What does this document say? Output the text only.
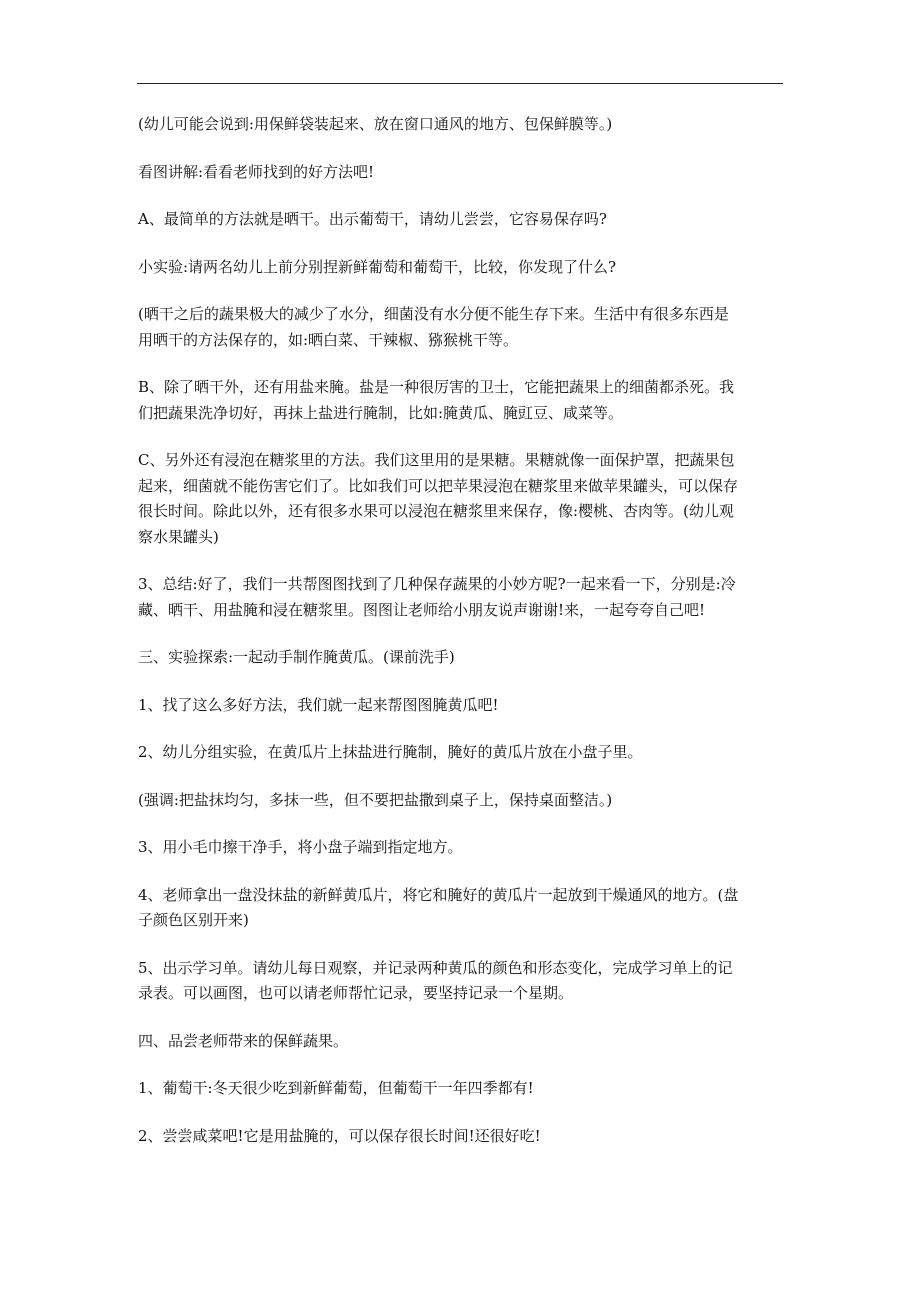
(幼儿可能会说到:用保鲜袋装起来、放在窗口通风的地方、包保鲜膜等。)

看图讲解:看看老师找到的好方法吧!

A、最简单的方法就是晒干。出示葡萄干，请幼儿尝尝，它容易保存吗?

小实验:请两名幼儿上前分别捏新鲜葡萄和葡萄干，比较，你发现了什么?

(晒干之后的蔬果极大的减少了水分，细菌没有水分便不能生存下来。生活中有很多东西是
用晒干的方法保存的，如:晒白菜、干辣椒、猕猴桃干等。

B、除了晒干外，还有用盐来腌。盐是一种很厉害的卫士，它能把蔬果上的细菌都杀死。我
们把蔬果洗净切好，再抹上盐进行腌制，比如:腌黄瓜、腌豇豆、咸菜等。

C、另外还有浸泡在糖浆里的方法。我们这里用的是果糖。果糖就像一面保护罩，把蔬果包
起来，细菌就不能伤害它们了。比如我们可以把苹果浸泡在糖浆里来做苹果罐头，可以保存
很长时间。除此以外，还有很多水果可以浸泡在糖浆里来保存，像:樱桃、杏肉等。(幼儿观
察水果罐头)

3、总结:好了，我们一共帮图图找到了几种保存蔬果的小妙方呢?一起来看一下，分别是:冷
藏、晒干、用盐腌和浸在糖浆里。图图让老师给小朋友说声谢谢!来，一起夸夸自己吧!

三、实验探索:一起动手制作腌黄瓜。(课前洗手)

1、找了这么多好方法，我们就一起来帮图图腌黄瓜吧!

2、幼儿分组实验，在黄瓜片上抹盐进行腌制，腌好的黄瓜片放在小盘子里。

(强调:把盐抹均匀，多抹一些，但不要把盐撒到桌子上，保持桌面整洁。)

3、用小毛巾擦干净手，将小盘子端到指定地方。

4、老师拿出一盘没抹盐的新鲜黄瓜片，将它和腌好的黄瓜片一起放到干燥通风的地方。(盘
子颜色区别开来)

5、出示学习单。请幼儿每日观察，并记录两种黄瓜的颜色和形态变化，完成学习单上的记
录表。可以画图，也可以请老师帮忙记录，要坚持记录一个星期。

四、品尝老师带来的保鲜蔬果。

1、葡萄干:冬天很少吃到新鲜葡萄，但葡萄干一年四季都有!

2、尝尝咸菜吧!它是用盐腌的，可以保存很长时间!还很好吃!
